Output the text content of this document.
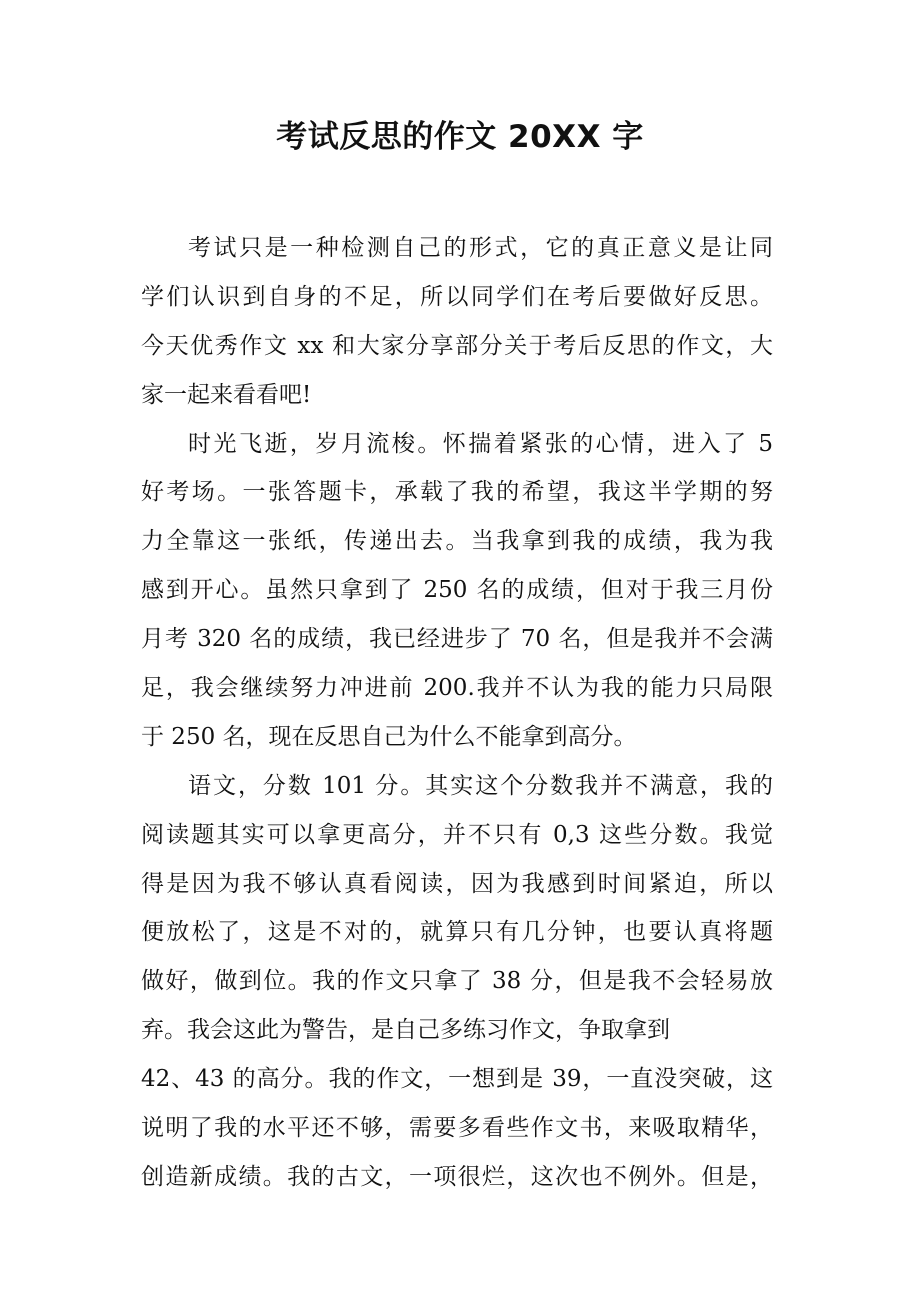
考试反思的作文 20XX 字
考试只是一种检测自己的形式，它的真正意义是让同
学们认识到自身的不足，所以同学们在考后要做好反思。
今天优秀作文 xx 和大家分享部分关于考后反思的作文，大
家一起来看看吧!
时光飞逝，岁月流梭。怀揣着紧张的心情，进入了 5
好考场。一张答题卡，承载了我的希望，我这半学期的努
力全靠这一张纸，传递出去。当我拿到我的成绩，我为我
感到开心。虽然只拿到了 250 名的成绩，但对于我三月份
月考 320 名的成绩，我已经进步了 70 名，但是我并不会满
足，我会继续努力冲进前 200.我并不认为我的能力只局限
于 250 名，现在反思自己为什么不能拿到高分。
语文，分数 101 分。其实这个分数我并不满意，我的
阅读题其实可以拿更高分，并不只有 0,3 这些分数。我觉
得是因为我不够认真看阅读，因为我感到时间紧迫，所以
便放松了，这是不对的，就算只有几分钟，也要认真将题
做好，做到位。我的作文只拿了 38 分，但是我不会轻易放
弃。我会这此为警告，是自己多练习作文，争取拿到
42、43 的高分。我的作文，一想到是 39，一直没突破，这
说明了我的水平还不够，需要多看些作文书，来吸取精华，
创造新成绩。我的古文，一项很烂，这次也不例外。但是，
